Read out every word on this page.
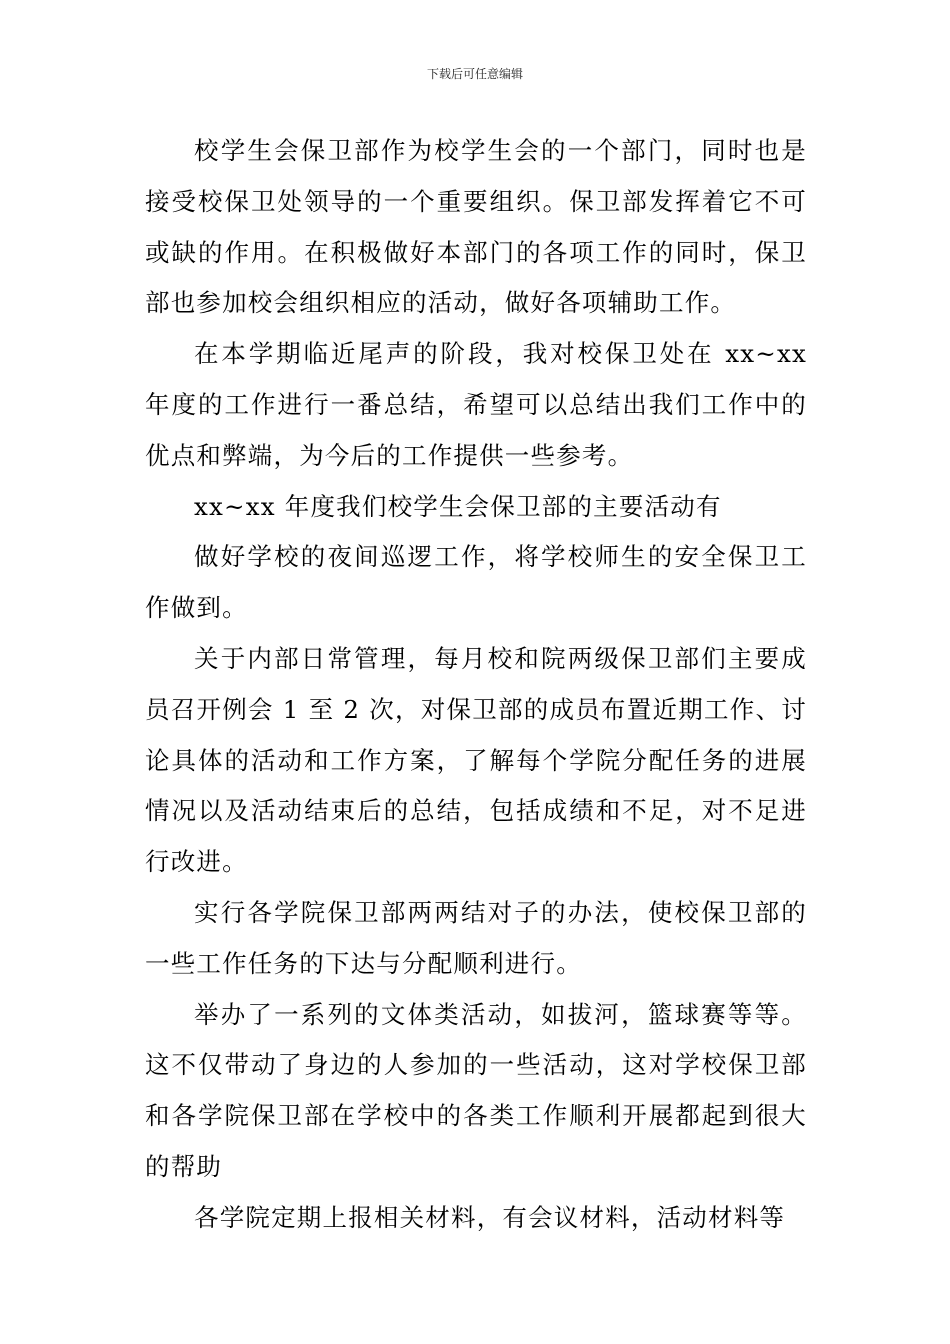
下载后可任意编辑

校学生会保卫部作为校学生会的一个部门，同时也是接受校保卫处领导的一个重要组织。保卫部发挥着它不可或缺的作用。在积极做好本部门的各项工作的同时，保卫部也参加校会组织相应的活动，做好各项辅助工作。

在本学期临近尾声的阶段，我对校保卫处在 xx~xx 年度的工作进行一番总结，希望可以总结出我们工作中的优点和弊端，为今后的工作提供一些参考。

xx~xx 年度我们校学生会保卫部的主要活动有

做好学校的夜间巡逻工作，将学校师生的安全保卫工作做到。

关于内部日常管理，每月校和院两级保卫部们主要成员召开例会 1 至 2 次，对保卫部的成员布置近期工作、讨论具体的活动和工作方案，了解每个学院分配任务的进展情况以及活动结束后的总结，包括成绩和不足，对不足进行改进。

实行各学院保卫部两两结对子的办法，使校保卫部的一些工作任务的下达与分配顺利进行。

举办了一系列的文体类活动，如拔河，篮球赛等等。这不仅带动了身边的人参加的一些活动，这对学校保卫部和各学院保卫部在学校中的各类工作顺利开展都起到很大的帮助

各学院定期上报相关材料，有会议材料，活动材料等
